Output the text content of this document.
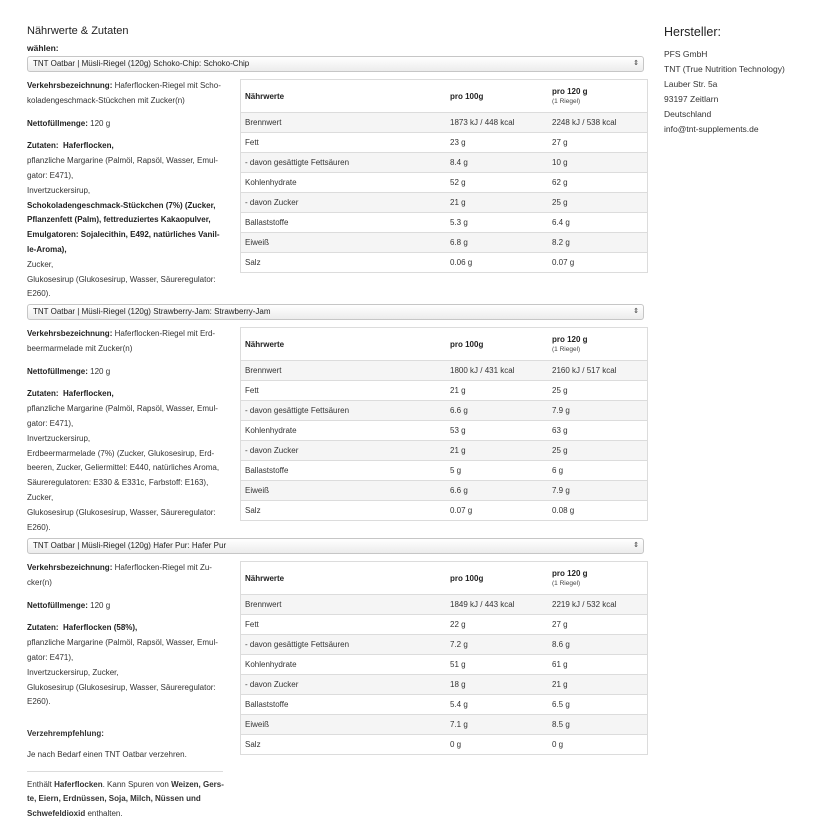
Nährwerte & Zutaten
wählen:
TNT Oatbar | Müsli-Riegel (120g) Schoko-Chip: Schoko-Chip	⇕
Verkehrsbezeichnung: Haferflocken-Riegel mit Scho-
koladengeschmack-Stückchen mit Zucker(n)
Nettofüllmenge: 120 g
Zutaten: Haferflocken,
pflanzliche Margarine (Palmöl, Rapsöl, Wasser, Emul-
gator: E471),
Invertzuckersirup,
Schokoladengeschmack-Stückchen (7%) (Zucker,
Pflanzenfett (Palm), fettreduziertes Kakaopulver,
Emulgatoren: Sojalecithin, E492, natürliches Vanil-
le-Aroma),
Zucker,
Glukosesirup (Glukosesirup, Wasser, Säureregulator:
E260).
Nährwerte	pro 100g	pro 120 g
(1 Riegel)

Brennwert	1873 kJ / 448 kcal	2248 kJ / 538 kcal
Fett	23 g	27 g
- davon gesättigte Fettsäuren	8.4 g	10 g
Kohlenhydrate	52 g	62 g
- davon Zucker	21 g	25 g
Ballaststoffe	5.3 g	6.4 g
Eiweiß	6.8 g	8.2 g
Salz	0.06 g	0.07 g
TNT Oatbar | Müsli-Riegel (120g) Strawberry-Jam: Strawberry-Jam	⇕
Verkehrsbezeichnung: Haferflocken-Riegel mit Erd-
beermarmelade mit Zucker(n)
Nettofüllmenge: 120 g
Zutaten: Haferflocken,
pflanzliche Margarine (Palmöl, Rapsöl, Wasser, Emul-
gator: E471),
Invertzuckersirup,
Erdbeermarmelade (7%) (Zucker, Glukosesirup, Erd-
beeren, Zucker, Geliermittel: E440, natürliches Aroma,
Säureregulatoren: E330 & E331c, Farbstoff: E163),
Zucker,
Glukosesirup (Glukosesirup, Wasser, Säureregulator:
E260).
Nährwerte	pro 100g	pro 120 g
(1 Riegel)

Brennwert	1800 kJ / 431 kcal	2160 kJ / 517 kcal
Fett	21 g	25 g
- davon gesättigte Fettsäuren	6.6 g	7.9 g
Kohlenhydrate	53 g	63 g
- davon Zucker	21 g	25 g
Ballaststoffe	5 g	6 g
Eiweiß	6.6 g	7.9 g
Salz	0.07 g	0.08 g
TNT Oatbar | Müsli-Riegel (120g) Hafer Pur: Hafer Pur	⇕
Verkehrsbezeichnung: Haferflocken-Riegel mit Zu-
cker(n)
Nettofüllmenge: 120 g
Zutaten: Haferflocken (58%),
pflanzliche Margarine (Palmöl, Rapsöl, Wasser, Emul-
gator: E471),
Invertzuckersirup, Zucker,
Glukosesirup (Glukosesirup, Wasser, Säureregulator:
E260).
Nährwerte	pro 100g	pro 120 g
(1 Riegel)

Brennwert	1849 kJ / 443 kcal	2219 kJ / 532 kcal
Fett	22 g	27 g
- davon gesättigte Fettsäuren	7.2 g	8.6 g
Kohlenhydrate	51 g	61 g
- davon Zucker	18 g	21 g
Ballaststoffe	5.4 g	6.5 g
Eiweiß	7.1 g	8.5 g
Salz	0 g	0 g
Verzehrempfehlung:

Je nach Bedarf einen TNT Oatbar verzehren.
Enthält Haferflocken. Kann Spuren von Weizen, Gers-
te, Eiern, Erdnüssen, Soja, Milch, Nüssen und
Schwefeldioxid enthalten.
Hersteller:
PFS GmbH
TNT (True Nutrition Technology)
Lauber Str. 5a
93197 Zeitlarn
Deutschland
info@tnt-supplements.de
